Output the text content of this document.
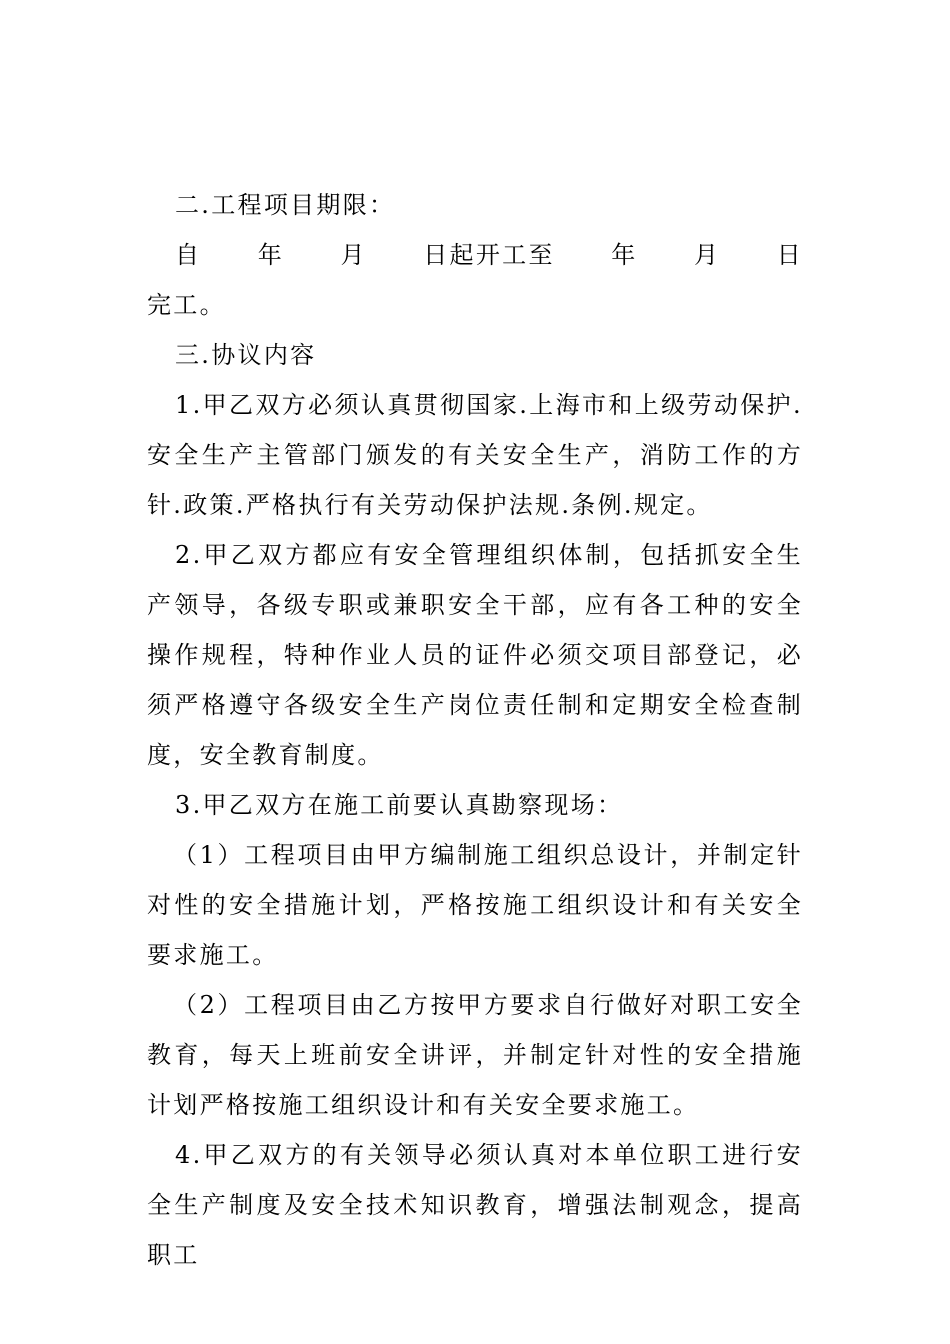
二.工程项目期限：

自 年 月 日起开工至 年 月 日

完工。

三.协议内容

1.甲乙双方必须认真贯彻国家.上海市和上级劳动保护.安全生产主管部门颁发的有关安全生产，消防工作的方针.政策.严格执行有关劳动保护法规.条例.规定。

2.甲乙双方都应有安全管理组织体制，包括抓安全生产领导，各级专职或兼职安全干部，应有各工种的安全操作规程，特种作业人员的证件必须交项目部登记，必须严格遵守各级安全生产岗位责任制和定期安全检查制度，安全教育制度。

3.甲乙双方在施工前要认真勘察现场：

（1）工程项目由甲方编制施工组织总设计，并制定针对性的安全措施计划，严格按施工组织设计和有关安全要求施工。

（2）工程项目由乙方按甲方要求自行做好对职工安全教育，每天上班前安全讲评，并制定针对性的安全措施计划严格按施工组织设计和有关安全要求施工。

4.甲乙双方的有关领导必须认真对本单位职工进行安全生产制度及安全技术知识教育，增强法制观念，提高职工
